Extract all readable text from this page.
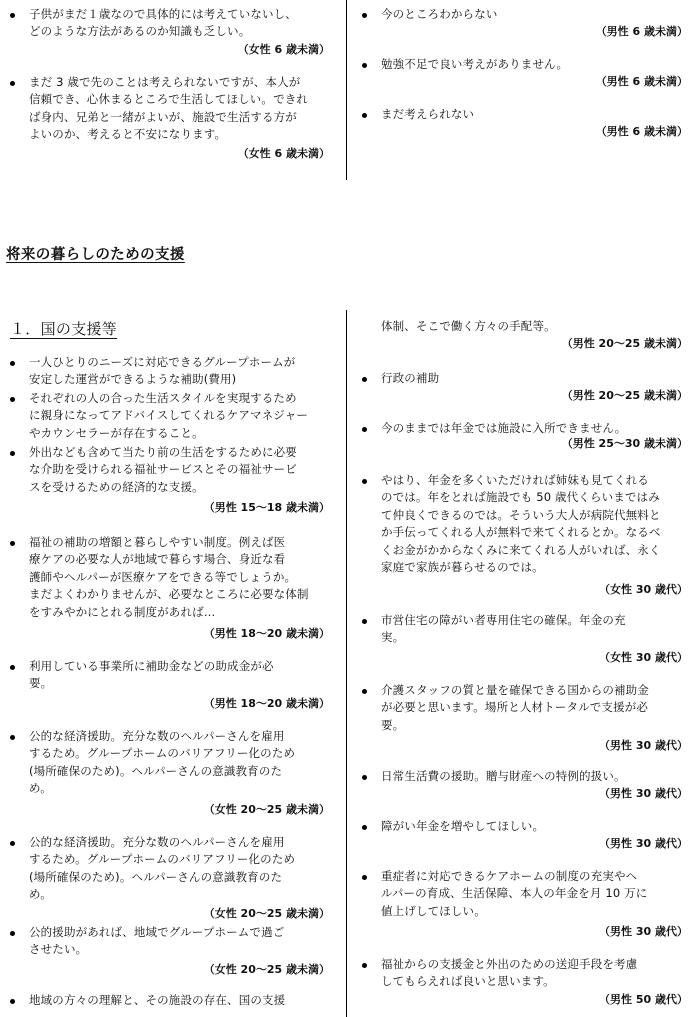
子供がまだ１歳なので具体的には考えていないし、
どのような方法があるのか知識も乏しい。
（女性 6 歳未満）
まだ 3 歳で先のことは考えられないですが、本人が
信頼でき、心休まるところで生活してほしい。できれ
ば身内、兄弟と一緒がよいが、施設で生活する方が
よいのか、考えると不安になります。
（女性 6 歳未満）
今のところわからない
（男性 6 歳未満）
勉強不足で良い考えがありません。
（男性 6 歳未満）
まだ考えられない
（男性 6 歳未満）
将来の暮らしのための支援
１．国の支援等
一人ひとりのニーズに対応できるグループホームが
安定した運営ができるような補助(費用)
それぞれの人の合った生活スタイルを実現するため
に親身になってアドバイスしてくれるケアマネジャー
やカウンセラーが存在すること。
外出なども含めて当たり前の生活をするために必要
な介助を受けられる福祉サービスとその福祉サービ
スを受けるための経済的な支援。
（男性 15～18 歳未満）
福祉の補助の増額と暮らしやすい制度。例えば医
療ケアの必要な人が地域で暮らす場合、身近な看
護師やヘルパーが医療ケアをできる等でしょうか。
まだよくわかりませんが、必要なところに必要な体制
をすみやかにとれる制度があれば…
（男性 18～20 歳未満）
利用している事業所に補助金などの助成金が必
要。
（男性 18～20 歳未満）
公的な経済援助。充分な数のヘルパーさんを雇用
するため。グループホームのバリアフリー化のため
(場所確保のため)。ヘルパーさんの意識教育のた
め。
（女性 20～25 歳未満）
公的な経済援助。充分な数のヘルパーさんを雇用
するため。グループホームのバリアフリー化のため
(場所確保のため)。ヘルパーさんの意識教育のた
め。
（女性 20～25 歳未満）
公的援助があれば、地域でグループホームで過ご
させたい。
（女性 20～25 歳未満）
地域の方々の理解と、その施設の存在、国の支援
体制、そこで働く方々の手配等。
（男性 20～25 歳未満）
行政の補助
（男性 20～25 歳未満）
今のままでは年金では施設に入所できません。
（男性 25～30 歳未満）
やはり、年金を多くいただければ姉妹も見てくれる
のでは。年をとれば施設でも 50 歳代くらいまではみ
て仲良くできるのでは。そういう大人が病院代無料と
か手伝ってくれる人が無料で来てくれるとか。なるべ
くお金がかからなくみに来てくれる人がいれば、永く
家庭で家族が暮らせるのでは。
（女性 30 歳代）
市営住宅の障がい者専用住宅の確保。年金の充
実。
（女性 30 歳代）
介護スタッフの質と量を確保できる国からの補助金
が必要と思います。場所と人材トータルで支援が必
要。
（男性 30 歳代）
日常生活費の援助。贈与財産への特例的扱い。
（男性 30 歳代）
障がい年金を増やしてほしい。
（男性 30 歳代）
重症者に対応できるケアホームの制度の充実やヘ
ルパーの育成、生活保障、本人の年金を月 10 万に
値上げしてほしい。
（男性 30 歳代）
福祉からの支援金と外出のための送迎手段を考慮
してもらえれば良いと思います。
（男性 50 歳代）
